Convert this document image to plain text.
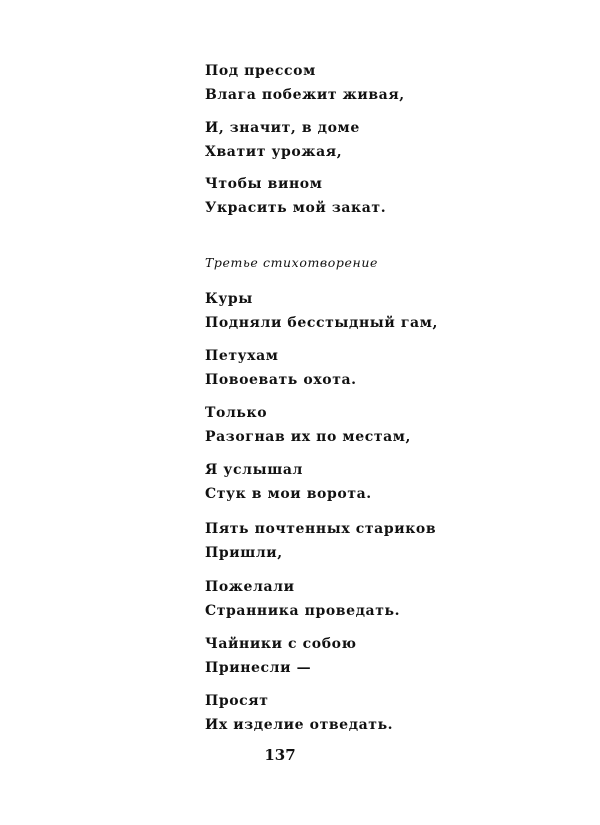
Под прессом
Влага побежит живая,
И, значит, в доме
Хватит урожая,
Чтобы вином
Украсить мой закат.
Третье стихотворение
Куры
Подняли бесстыдный гам,
Петухам
Повоевать охота.
Только
Разогнав их по местам,
Я услышал
Стук в мои ворота.
Пять почтенных стариков
Пришли,
Пожелали
Странника проведать.
Чайники с собою
Принесли —
Просят
Их изделие отведать.
137
